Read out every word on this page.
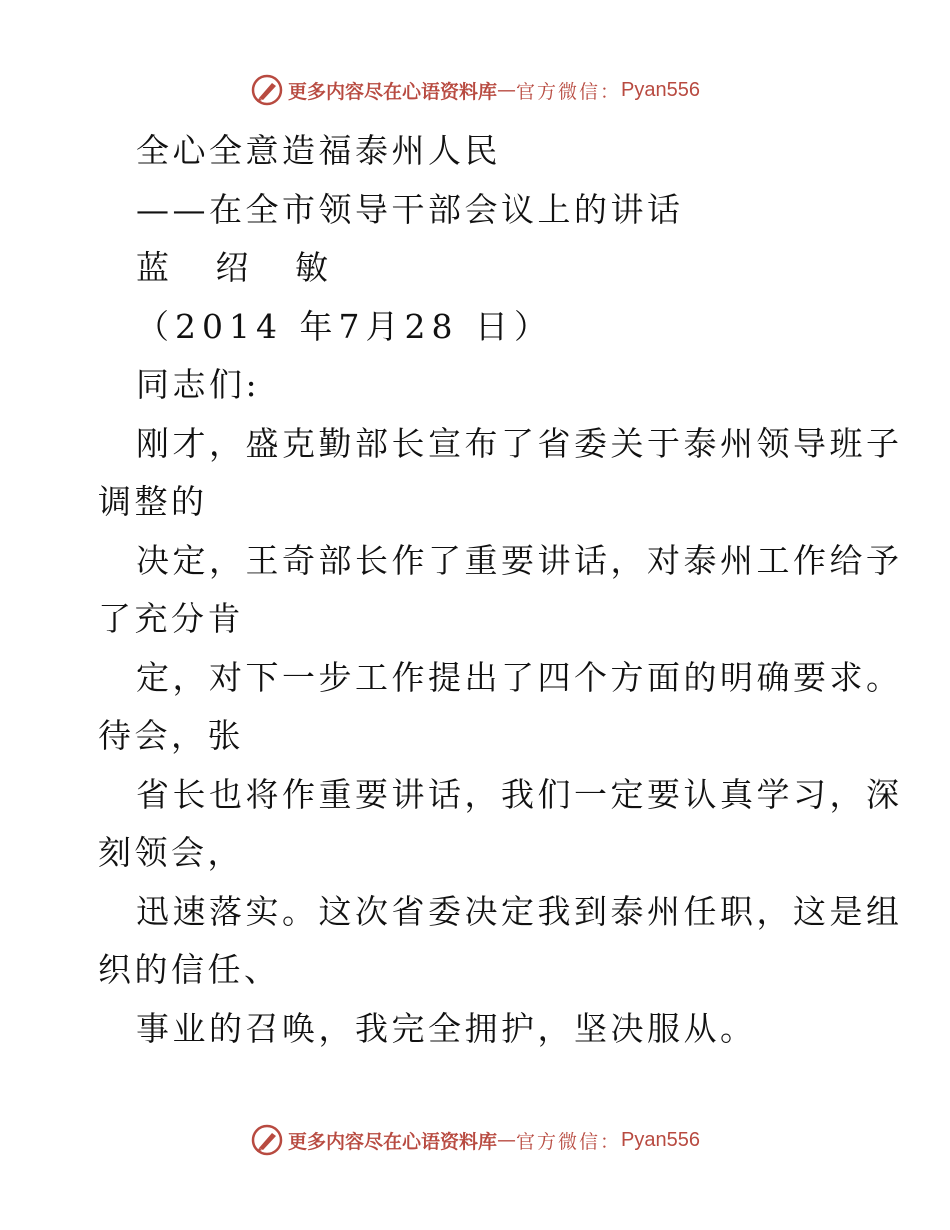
更多内容尽在心语资料库 — 官方微信： Pyan556
全心全意造福泰州人民
——在全市领导干部会议上的讲话
蓝 绍 敏
（2014 年7月28 日）
同志们:
刚才，盛克勤部长宣布了省委关于泰州领导班子
调整的
决定，王奇部长作了重要讲话，对泰州工作给予
了充分肯
定，对下一步工作提出了四个方面的明确要求。
待会，张
省长也将作重要讲话，我们一定要认真学习，深
刻领会，
迅速落实。这次省委决定我到泰州任职，这是组
织的信任、
事业的召唤，我完全拥护，坚决服从。
更多内容尽在心语资料库 — 官方微信： Pyan556
